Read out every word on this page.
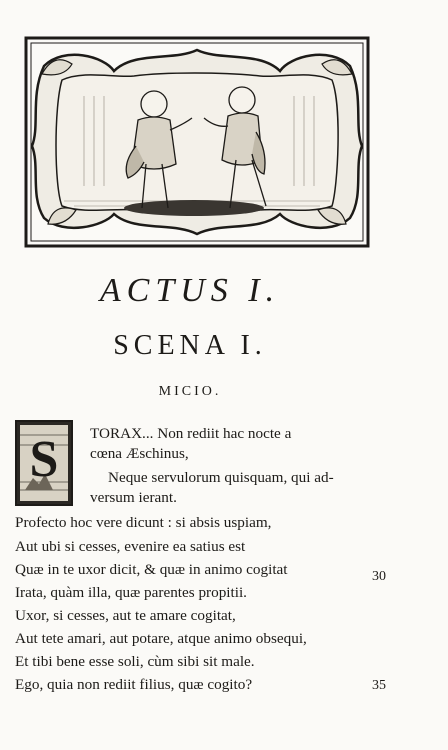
ACTUS I.
SCENA I.
MICIO.
S TORAX... Non rediit hac nocte a
cœna Æschinus,
Neque servulorum quisquam, qui ad-
versum ierant.
Profecto hoc vere dicunt : si absis uspiam,
Aut ubi si cesses, evenire ea satius est
Quæ in te uxor dicit, & quæ in animo cogitat
Irata, quàm illa, quæ parentes propitii.
Uxor, si cesses, aut te amare cogitat,
Aut tete amari, aut potare, atque animo obsequi,
Et tibi bene esse soli, cùm sibi sit male.
Ego, quia non rediit filius, quæ cogito?
30
35
